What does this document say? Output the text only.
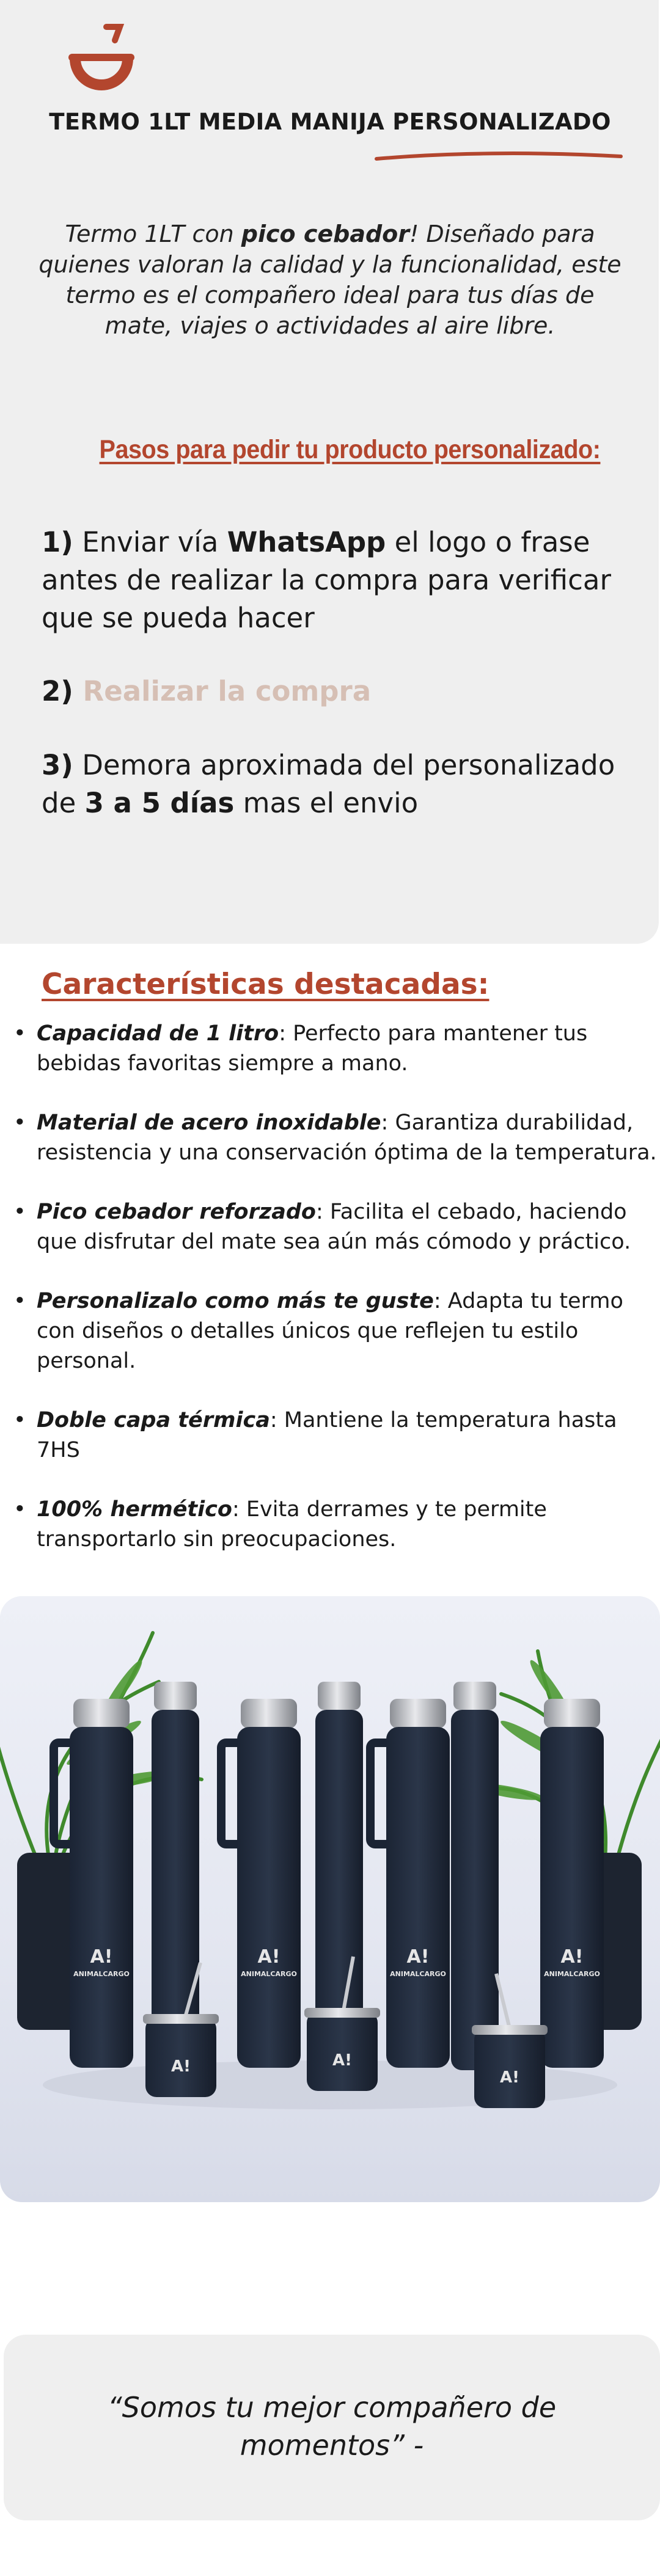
TERMO 1LT MEDIA MANIJA PERSONALIZADO
Termo 1LT con pico cebador! Diseñado para quienes valoran la calidad y la funcionalidad, este termo es el compañero ideal para tus días de mate, viajes o actividades al aire libre.
Pasos para pedir tu producto personalizado:
1) Enviar vía WhatsApp el logo o frase antes de realizar la compra para verificar que se pueda hacer
2) Realizar la compra
3) Demora aproximada del personalizado de 3 a 5 días mas el envio
Características destacadas:
• Capacidad de 1 litro: Perfecto para mantener tus bebidas favoritas siempre a mano.
• Material de acero inoxidable: Garantiza durabilidad, resistencia y una conservación óptima de la temperatura.
• Pico cebador reforzado: Facilita el cebado, haciendo que disfrutar del mate sea aún más cómodo y práctico.
• Personalizalo como más te guste: Adapta tu termo con diseños o detalles únicos que reflejen tu estilo personal.
• Doble capa térmica: Mantiene la temperatura hasta 7HS
• 100% hermético: Evita derrames y te permite transportarlo sin preocupaciones.
A!
ANIMALCARGO
A!
ANIMALCARGO
A!
ANIMALCARGO
A!
ANIMALCARGO
A!	A!
A!
“Somos tu mejor compañero de
momentos” -
